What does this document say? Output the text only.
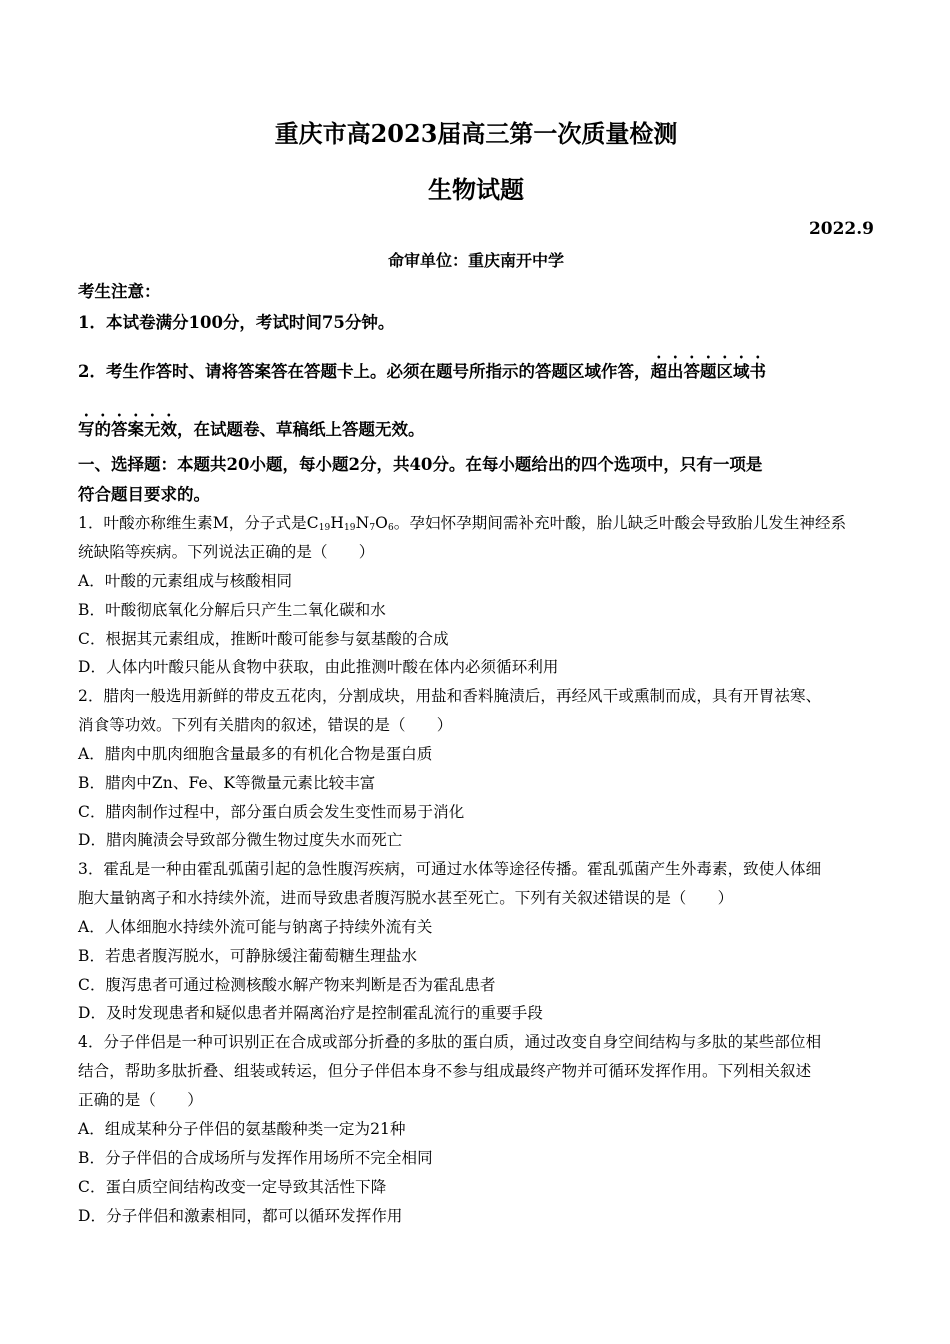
重庆市高2023届高三第一次质量检测
生物试题
2022.9
命审单位：重庆南开中学
考生注意：
1．本试卷满分100分，考试时间75分钟。
2．考生作答时、请将答案答在答题卡上。必须在题号所指示的答题区域作答，超出答题区域书
写的答案无效，在试题卷、草稿纸上答题无效。
一、选择题：本题共20小题，每小题2分，共40分。在每小题给出的四个选项中，只有一项是
符合题目要求的。
1．叶酸亦称维生素M，分子式是$C_{19}H_{19}N_7O_6$。孕妇怀孕期间需补充叶酸，胎儿缺乏叶酸会导致胎儿发生神经系
统缺陷等疾病。下列说法正确的是（　　）
A．叶酸的元素组成与核酸相同
B．叶酸彻底氧化分解后只产生二氧化碳和水
C．根据其元素组成，推断叶酸可能参与氨基酸的合成
D．人体内叶酸只能从食物中获取，由此推测叶酸在体内必须循环利用
2．腊肉一般选用新鲜的带皮五花肉，分割成块，用盐和香料腌渍后，再经风干或熏制而成，具有开胃祛寒、
消食等功效。下列有关腊肉的叙述，错误的是（　　）
A．腊肉中肌肉细胞含量最多的有机化合物是蛋白质
B．腊肉中Zn、Fe、K等微量元素比较丰富
C．腊肉制作过程中，部分蛋白质会发生变性而易于消化
D．腊肉腌渍会导致部分微生物过度失水而死亡
3．霍乱是一种由霍乱弧菌引起的急性腹泻疾病，可通过水体等途径传播。霍乱弧菌产生外毒素，致使人体细
胞大量钠离子和水持续外流，进而导致患者腹泻脱水甚至死亡。下列有关叙述错误的是（　　）
A．人体细胞水持续外流可能与钠离子持续外流有关
B．若患者腹泻脱水，可静脉缓注葡萄糖生理盐水
C．腹泻患者可通过检测核酸水解产物来判断是否为霍乱患者
D．及时发现患者和疑似患者并隔离治疗是控制霍乱流行的重要手段
4．分子伴侣是一种可识别正在合成或部分折叠的多肽的蛋白质，通过改变自身空间结构与多肽的某些部位相
结合，帮助多肽折叠、组装或转运，但分子伴侣本身不参与组成最终产物并可循环发挥作用。下列相关叙述
正确的是（　　）
A．组成某种分子伴侣的氨基酸种类一定为21种
B．分子伴侣的合成场所与发挥作用场所不完全相同
C．蛋白质空间结构改变一定导致其活性下降
D．分子伴侣和激素相同，都可以循环发挥作用
